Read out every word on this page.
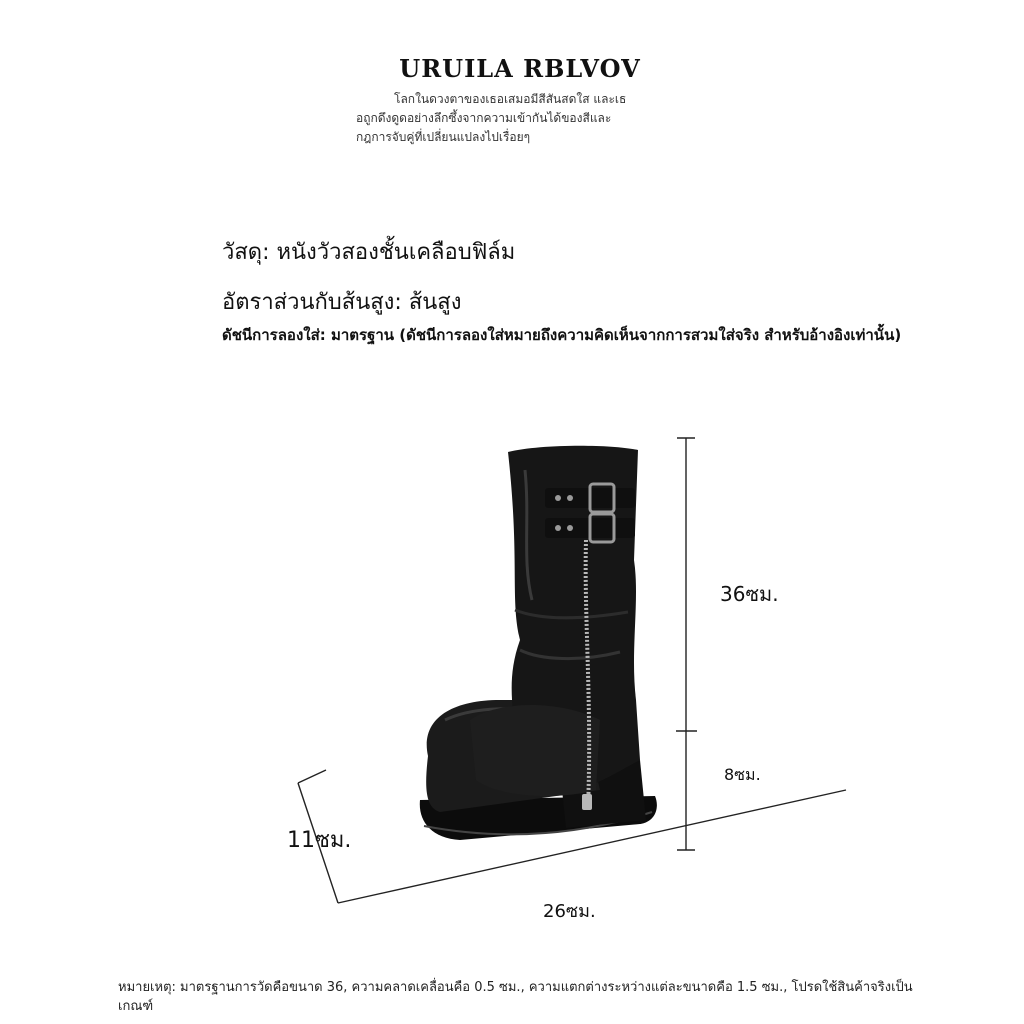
URUILA RBLVOV
โลกในดวงตาของเธอเสมอมีสีสันสดใส และเธ
อถูกดึงดูดอย่างลึกซึ้งจากความเข้ากันได้ของสีและ
กฎการจับคู่ที่เปลี่ยนแปลงไปเรื่อยๆ
วัสดุ: หนังวัวสองชั้นเคลือบฟิล์ม
อัตราส่วนกับส้นสูง: ส้นสูง
ดัชนีการลองใส่: มาตรฐาน (ดัชนีการลองใส่หมายถึงความคิดเห็นจากการสวมใส่จริง สำหรับอ้างอิงเท่านั้น)
36ซม.
8ซม.
11ซม.
26ซม.
หมายเหตุ: มาตรฐานการวัดคือขนาด 36, ความคลาดเคลื่อนคือ 0.5 ซม., ความแตกต่างระหว่างแต่ละขนาดคือ 1.5 ซม., โปรดใช้สินค้าจริงเป็นเกณฑ์
